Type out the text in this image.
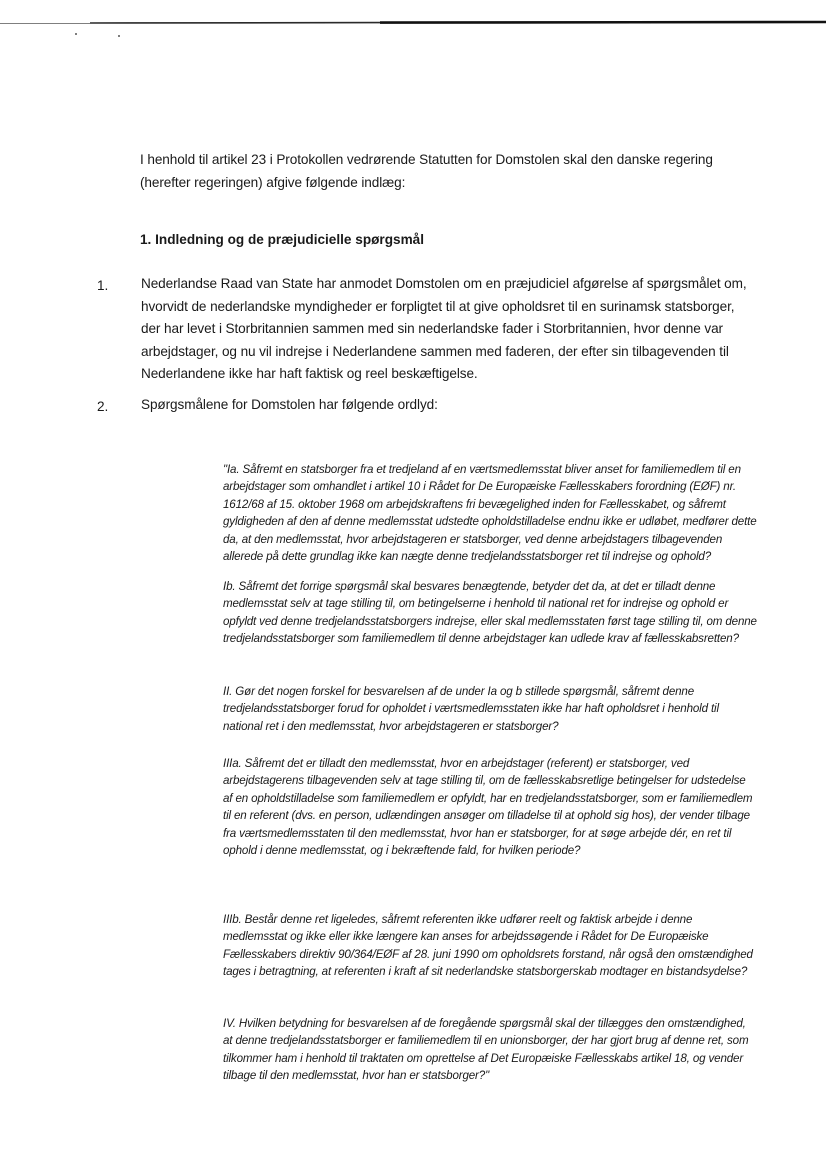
I henhold til artikel 23 i Protokollen vedrørende Statutten for Domstolen skal den danske regering (herefter regeringen) afgive følgende indlæg:

1. Indledning og de præjudicielle spørgsmål

1. Nederlandse Raad van State har anmodet Domstolen om en præjudiciel afgørelse af spørgsmålet om, hvorvidt de nederlandske myndigheder er forpligtet til at give opholdsret til en surinamsk statsborger, der har levet i Storbritannien sammen med sin nederlandske fader i Storbritannien, hvor denne var arbejdstager, og nu vil indrejse i Nederlandene sammen med faderen, der efter sin tilbagevenden til Nederlandene ikke har haft faktisk og reel beskæftigelse.

2. Spørgsmålene for Domstolen har følgende ordlyd:

"Ia. Såfremt en statsborger fra et tredjeland af en værtsmedlemsstat bliver anset for familiemedlem til en arbejdstager som omhandlet i artikel 10 i Rådet for De Europæiske Fællesskabers forordning (EØF) nr. 1612/68 af 15. oktober 1968 om arbejdskraftens fri bevægelighed inden for Fællesskabet, og såfremt gyldigheden af den af denne medlemsstat udstedte opholdstilladelse endnu ikke er udløbet, medfører dette da, at den medlemsstat, hvor arbejdstageren er statsborger, ved denne arbejdstagers tilbagevenden allerede på dette grundlag ikke kan nægte denne tredjelandsstatsborger ret til indrejse og ophold?

Ib. Såfremt det forrige spørgsmål skal besvares benægtende, betyder det da, at det er tilladt denne medlemsstat selv at tage stilling til, om betingelserne i henhold til national ret for indrejse og ophold er opfyldt ved denne tredjelandsstatsborgers indrejse, eller skal medlemsstaten først tage stilling til, om denne tredjelandsstatsborger som familiemedlem til denne arbejdstager kan udlede krav af fællesskabsretten?

II. Gør det nogen forskel for besvarelsen af de under Ia og b stillede spørgsmål, såfremt denne tredjelandsstatsborger forud for opholdet i værtsmedlemsstaten ikke har haft opholdsret i henhold til national ret i den medlemsstat, hvor arbejdstageren er statsborger?

IIIa. Såfremt det er tilladt den medlemsstat, hvor en arbejdstager (referent) er statsborger, ved arbejdstagerens tilbagevenden selv at tage stilling til, om de fællesskabsretlige betingelser for udstedelse af en opholdstilladelse som familiemedlem er opfyldt, har en tredjelandsstatsborger, som er familiemedlem til en referent (dvs. en person, udlændingen ansøger om tilladelse til at ophold sig hos), der vender tilbage fra værtsmedlemsstaten til den medlemsstat, hvor han er statsborger, for at søge arbejde dér, en ret til ophold i denne medlemsstat, og i bekræftende fald, for hvilken periode?

IIIb. Består denne ret ligeledes, såfremt referenten ikke udfører reelt og faktisk arbejde i denne medlemsstat og ikke eller ikke længere kan anses for arbejdssøgende i Rådet for De Europæiske Fællesskabers direktiv 90/364/EØF af 28. juni 1990 om opholdsrets forstand, når også den omstændighed tages i betragtning, at referenten i kraft af sit nederlandske statsborgerskab modtager en bistandsydelse?

IV. Hvilken betydning for besvarelsen af de foregående spørgsmål skal der tillægges den omstændighed, at denne tredjelandsstatsborger er familiemedlem til en unionsborger, der har gjort brug af denne ret, som tilkommer ham i henhold til traktaten om oprettelse af Det Europæiske Fællesskabs artikel 18, og vender tilbage til den medlemsstat, hvor han er statsborger?"
